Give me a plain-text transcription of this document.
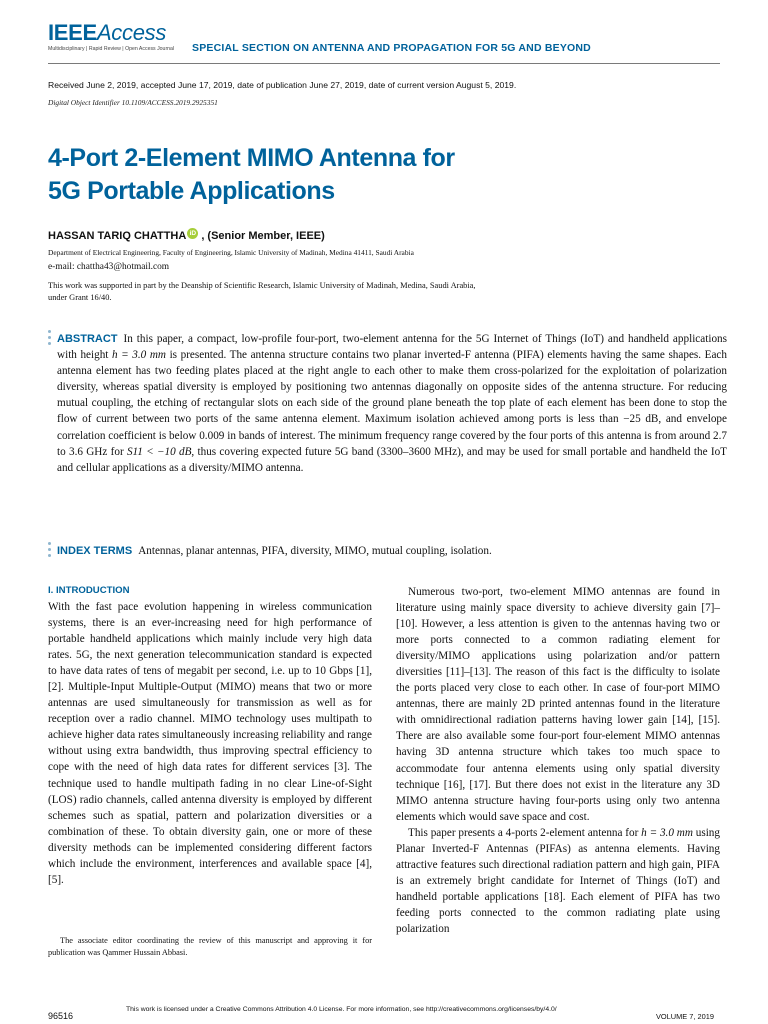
IEEEAccess
Multidisciplinary | Rapid Review | Open Access Journal SPECIAL SECTION ON ANTENNA AND PROPAGATION FOR 5G AND BEYOND
Received June 2, 2019, accepted June 17, 2019, date of publication June 27, 2019, date of current version August 5, 2019.
Digital Object Identifier 10.1109/ACCESS.2019.2925351
4-Port 2-Element MIMO Antenna for
5G Portable Applications
HASSAN TARIQ CHATTHA iD , (Senior Member, IEEE)
Department of Electrical Engineering, Faculty of Engineering, Islamic University of Madinah, Medina 41411, Saudi Arabia
e-mail: chattha43@hotmail.com
This work was supported in part by the Deanship of Scientific Research, Islamic University of Madinah, Medina, Saudi Arabia,
under Grant 16/40.
ABSTRACT In this paper, a compact, low-profile four-port, two-element antenna for the 5G Internet of Things (IoT) and handheld applications with height h = 3.0 mm is presented. The antenna structure contains two planar inverted-F antenna (PIFA) elements having the same shapes. Each antenna element has two feeding plates placed at the right angle to each other to make them cross-polarized for the exploitation of polarization diversity, whereas spatial diversity is employed by positioning two antennas diagonally on opposite sides of the antenna structure. For reducing mutual coupling, the etching of rectangular slots on each side of the ground plane beneath the top plate of each element has been done to stop the flow of current between two ports of the same antenna element. Maximum isolation achieved among ports is less than −25 dB, and envelope correlation coefficient is below 0.009 in bands of interest. The minimum frequency range covered by the four ports of this antenna is from around 2.7 to 3.6 GHz for S11 < −10 dB, thus covering expected future 5G band (3300–3600 MHz), and may be used for small portable and handheld the IoT and cellular applications as a diversity/MIMO antenna.
INDEX TERMS Antennas, planar antennas, PIFA, diversity, MIMO, mutual coupling, isolation.
I. INTRODUCTION

With the fast pace evolution happening in wireless communication systems, there is an ever-increasing need for high performance of portable handheld applications which mainly include very high data rates. 5G, the next generation telecommunication standard is expected to have data rates of tens of megabit per second, i.e. up to 10 Gbps [1], [2]. Multiple-Input Multiple-Output (MIMO) means that two or more antennas are used simultaneously for transmission as well as for reception over a radio channel. MIMO technology uses multipath to achieve higher data rates simultaneously increasing reliability and range without using extra bandwidth, thus improving spectral efficiency to cope with the need of high data rates for different services [3]. The technique used to handle multipath fading in no clear Line-of-Sight (LOS) radio channels, called antenna diversity is employed by different schemes such as spatial, pattern and polarization diversities or a combination of these. To obtain diversity gain, one or more of these diversity methods can be implemented considering different factors which include the environment, interferences and available space [4], [5].

Numerous two-port, two-element MIMO antennas are found in literature using mainly space diversity to achieve diversity gain [7]–[10]. However, a less attention is given to the antennas having two or more ports connected to a common radiating element for diversity/MIMO applications using polarization and/or pattern diversities [11]–[13]. The reason of this fact is the difficulty to isolate the ports placed very close to each other. In case of four-port MIMO antennas, there are mainly 2D printed antennas found in the literature with omnidirectional radiation patterns having lower gain [14], [15]. There are also available some four-port four-element MIMO antennas having 3D antenna structure which takes too much space to accommodate four antenna elements using only spatial diversity technique [16], [17]. But there does not exist in the literature any 3D MIMO antenna structure having four-ports using only two antenna elements which would save space and cost.

This paper presents a 4-ports 2-element antenna for h = 3.0 mm using Planar Inverted-F Antennas (PIFAs) as antenna elements. Having attractive features such directional radiation pattern and high gain, PIFA is an extremely bright candidate for Internet of Things (IoT) and handheld portable applications [18]. Each element of PIFA has two feeding ports connected to the common radiating plate using polarization

The associate editor coordinating the review of this manuscript and approving it for publication was Qammer Hussain Abbasi.
96516
This work is licensed under a Creative Commons Attribution 4.0 License. For more information, see http://creativecommons.org/licenses/by/4.0/
VOLUME 7, 2019
